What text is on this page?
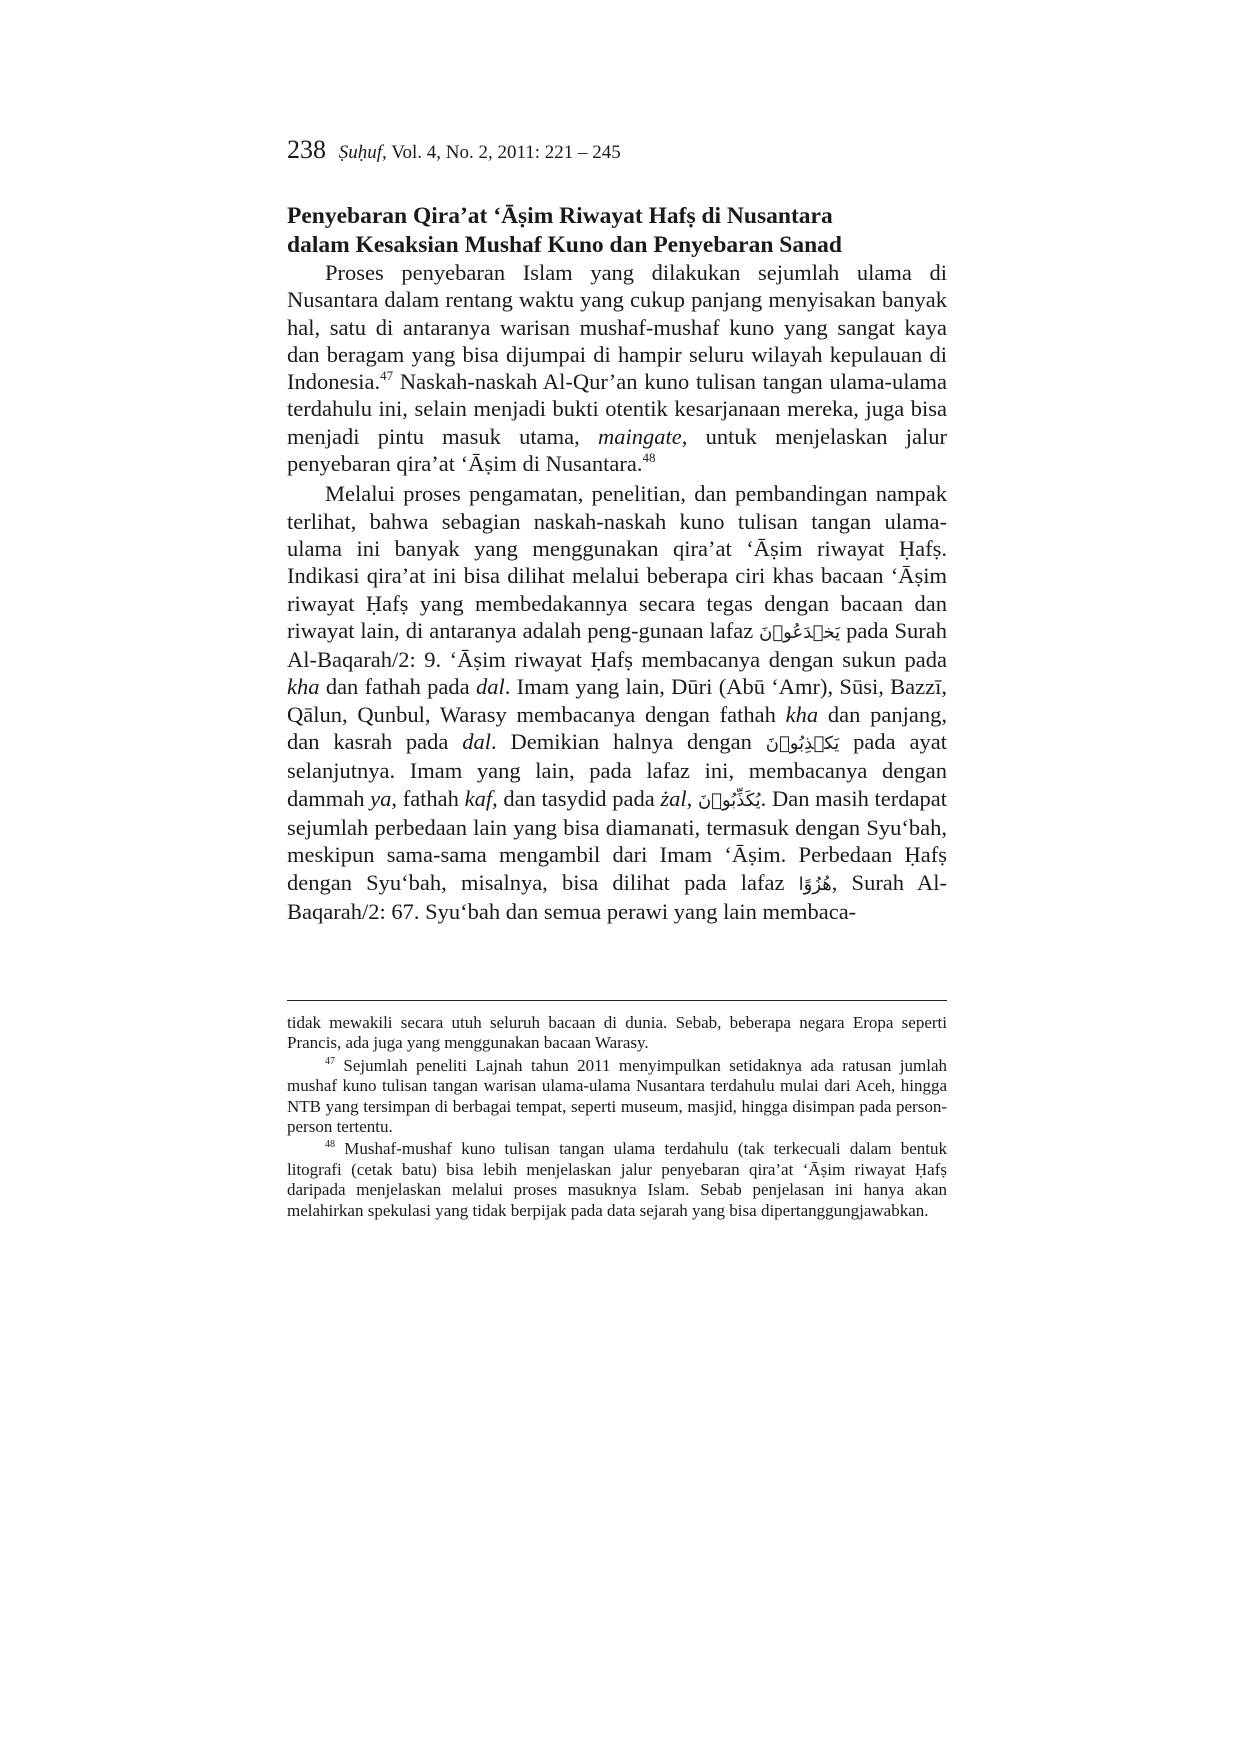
238 Ṣuḥuf, Vol. 4, No. 2, 2011: 221 – 245
Penyebaran Qira’at ‘Āṣim Riwayat Hafṣ di Nusantara
dalam Kesaksian Mushaf Kuno dan Penyebaran Sanad

Proses penyebaran Islam yang dilakukan sejumlah ulama di Nusantara dalam rentang waktu yang cukup panjang menyisakan banyak hal, satu di antaranya warisan mushaf-mushaf kuno yang sangat kaya dan beragam yang bisa dijumpai di hampir seluru wilayah kepulauan di Indonesia.$^{47}$ Naskah-naskah Al-Qur’an kuno tulisan tangan ulama-ulama terdahulu ini, selain menjadi bukti otentik kesarjanaan mereka, juga bisa menjadi pintu masuk utama, maingate, untuk menjelaskan jalur penyebaran qira’at ‘Āṣim di Nusantara.$^{48}$

Melalui proses pengamatan, penelitian, dan pembandingan nampak terlihat, bahwa sebagian naskah-naskah kuno tulisan tangan ulama-ulama ini banyak yang menggunakan qira’at ‘Āṣim riwayat Ḥafṣ. Indikasi qira’at ini bisa dilihat melalui beberapa ciri khas bacaan ‘Āṣim riwayat Ḥafṣ yang membedakannya secara tegas dengan bacaan dan riwayat lain, di antaranya adalah peng-gunaan lafaz يَخۡدَعُوۡنَ pada Surah Al-Baqarah/2: 9. ‘Āṣim riwayat Ḥafṣ membacanya dengan sukun pada kha dan fathah pada dal. Imam yang lain, Dūri (Abū ‘Amr), Sūsi, Bazzī, Qālun, Qunbul, Warasy membacanya dengan fathah kha dan panjang, dan kasrah pada dal. Demikian halnya dengan يَكۡذِبُوۡنَ pada ayat selanjutnya. Imam yang lain, pada lafaz ini, membacanya dengan dammah ya, fathah kaf, dan tasydid pada żal, يُكَذِّبُوۡنَ. Dan masih terdapat sejumlah perbedaan lain yang bisa diamanati, termasuk dengan Syu‘bah, meskipun sama-sama mengambil dari Imam ‘Āṣim. Perbedaan Ḥafṣ dengan Syu‘bah, misalnya, bisa dilihat pada lafaz هُزُوًا, Surah Al-Baqarah/2: 67. Syu‘bah dan semua perawi yang lain membaca-

tidak mewakili secara utuh seluruh bacaan di dunia. Sebab, beberapa negara Eropa seperti Prancis, ada juga yang menggunakan bacaan Warasy.

$^{47}$ Sejumlah peneliti Lajnah tahun 2011 menyimpulkan setidaknya ada ratusan jumlah mushaf kuno tulisan tangan warisan ulama-ulama Nusantara terdahulu mulai dari Aceh, hingga NTB yang tersimpan di berbagai tempat, seperti museum, masjid, hingga disimpan pada person-person tertentu.

$^{48}$ Mushaf-mushaf kuno tulisan tangan ulama terdahulu (tak terkecuali dalam bentuk litografi (cetak batu) bisa lebih menjelaskan jalur penyebaran qira’at ‘Āṣim riwayat Ḥafṣ daripada menjelaskan melalui proses masuknya Islam. Sebab penjelasan ini hanya akan melahirkan spekulasi yang tidak berpijak pada data sejarah yang bisa dipertanggungjawabkan.
